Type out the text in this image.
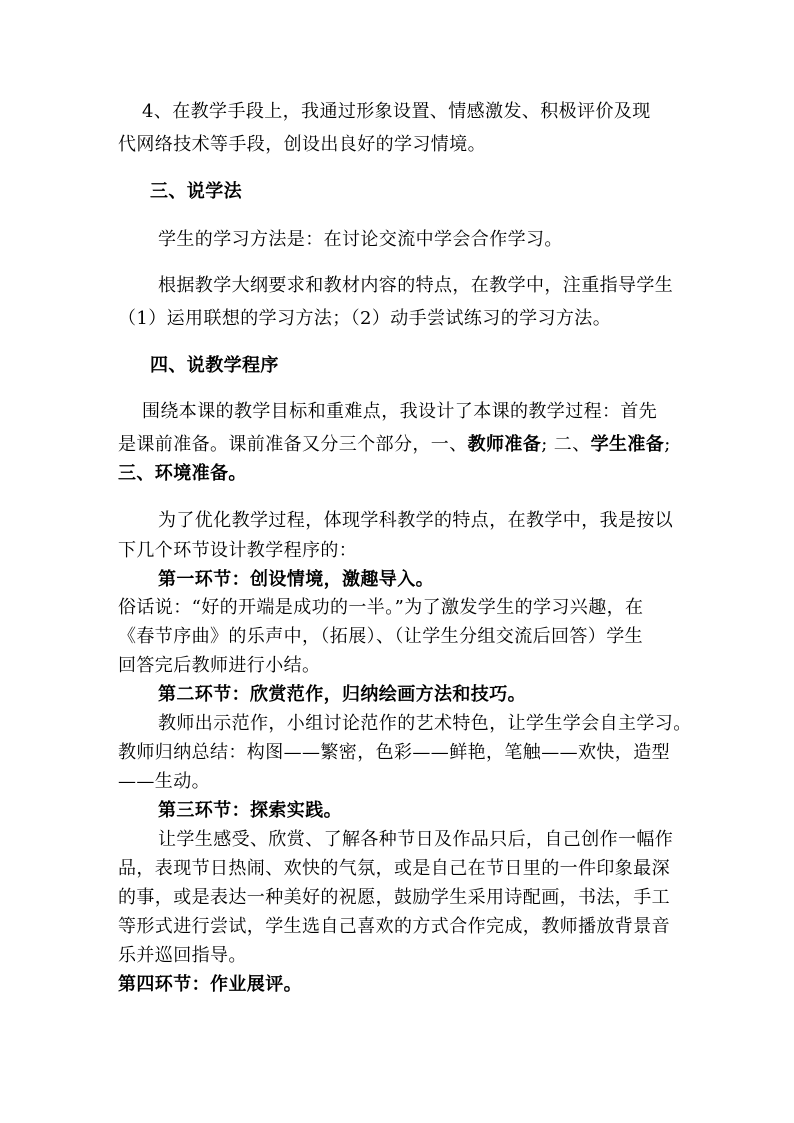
4、在教学手段上，我通过形象设置、情感激发、积极评价及现
代网络技术等手段，创设出良好的学习情境。
三、说学法
学生的学习方法是：在讨论交流中学会合作学习。
根据教学大纲要求和教材内容的特点，在教学中，注重指导学生
（1）运用联想的学习方法；（2）动手尝试练习的学习方法。
四、说教学程序
围绕本课的教学目标和重难点，我设计了本课的教学过程：首先
是课前准备。课前准备又分三个部分，一、教师准备; 二、学生准备;
三、环境准备。
为了优化教学过程，体现学科教学的特点，在教学中，我是按以
下几个环节设计教学程序的：
第一环节：创设情境，激趣导入。
俗话说：“好的开端是成功的一半。”为了激发学生的学习兴趣，在
《春节序曲》的乐声中，（拓展）、（让学生分组交流后回答）学生
回答完后教师进行小结。
第二环节：欣赏范作，归纳绘画方法和技巧。
教师出示范作，小组讨论范作的艺术特色，让学生学会自主学习。
教师归纳总结：构图——繁密，色彩——鲜艳，笔触——欢快，造型
——生动。
第三环节：探索实践。
让学生感受、欣赏、了解各种节日及作品只后，自己创作一幅作
品，表现节日热闹、欢快的气氛，或是自己在节日里的一件印象最深
的事，或是表达一种美好的祝愿，鼓励学生采用诗配画，书法，手工
等形式进行尝试，学生选自己喜欢的方式合作完成，教师播放背景音
乐并巡回指导。
第四环节：作业展评。
